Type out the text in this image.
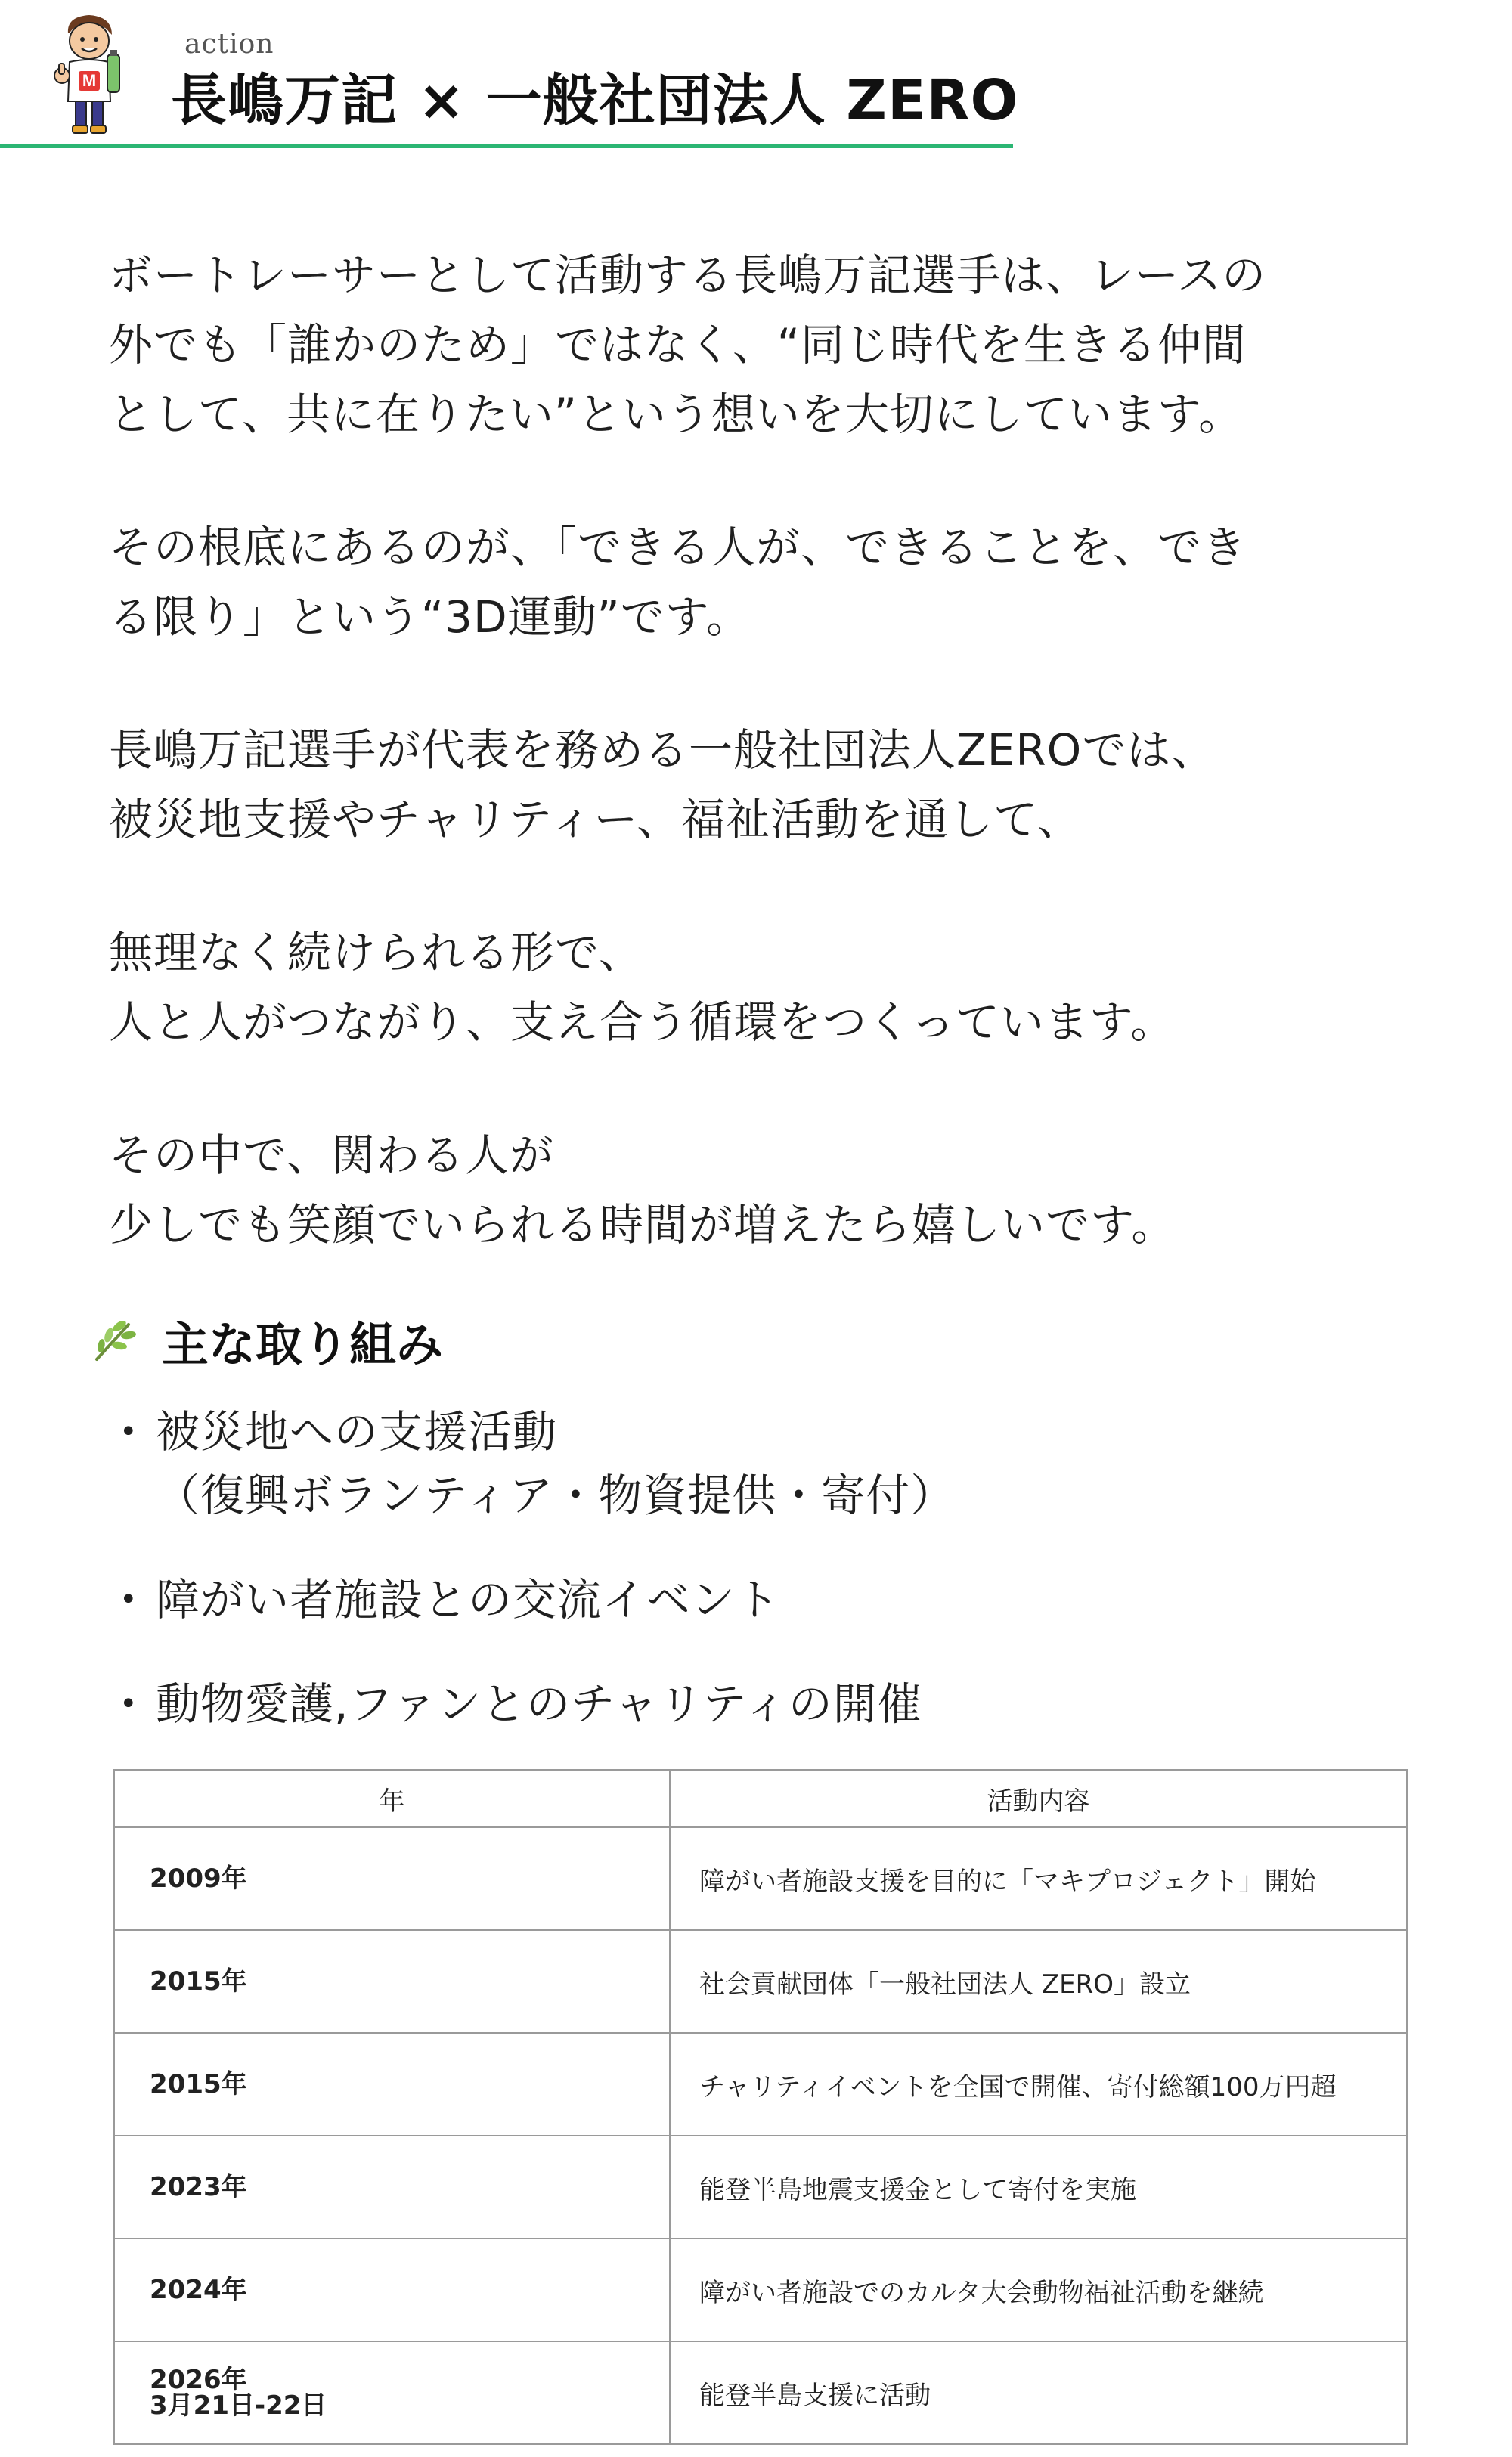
M
action
長嶋万記 × 一般社団法人 ZERO

ボートレーサーとして活動する長嶋万記選手は、レースの
外でも「誰かのため」ではなく、“同じ時代を生きる仲間
として、共に在りたい”という想いを大切にしています。

その根底にあるのが、「できる人が、できることを、でき
る限り」という“3D運動”です。

長嶋万記選手が代表を務める一般社団法人ZEROでは、
被災地支援やチャリティー、福祉活動を通して、

無理なく続けられる形で、
人と人がつながり、支え合う循環をつくっています。

その中で、関わる人が
少しでも笑顔でいられる時間が増えたら嬉しいです。

主な取り組み
• 被災地への支援活動
（復興ボランティア・物資提供・寄付）
• 障がい者施設との交流イベント
• 動物愛護,ファンとのチャリティの開催
年	活動内容

2009年	障がい者施設支援を目的に「マキプロジェクト」開始

2015年	社会貢献団体「一般社団法人 ZERO」設立

2015年	チャリティイベントを全国で開催、寄付総額100万円超

2023年	能登半島地震支援金として寄付を実施

2024年	障がい者施設でのカルタ大会動物福祉活動を継続

2026年
3月21日-22日	能登半島支援に活動
